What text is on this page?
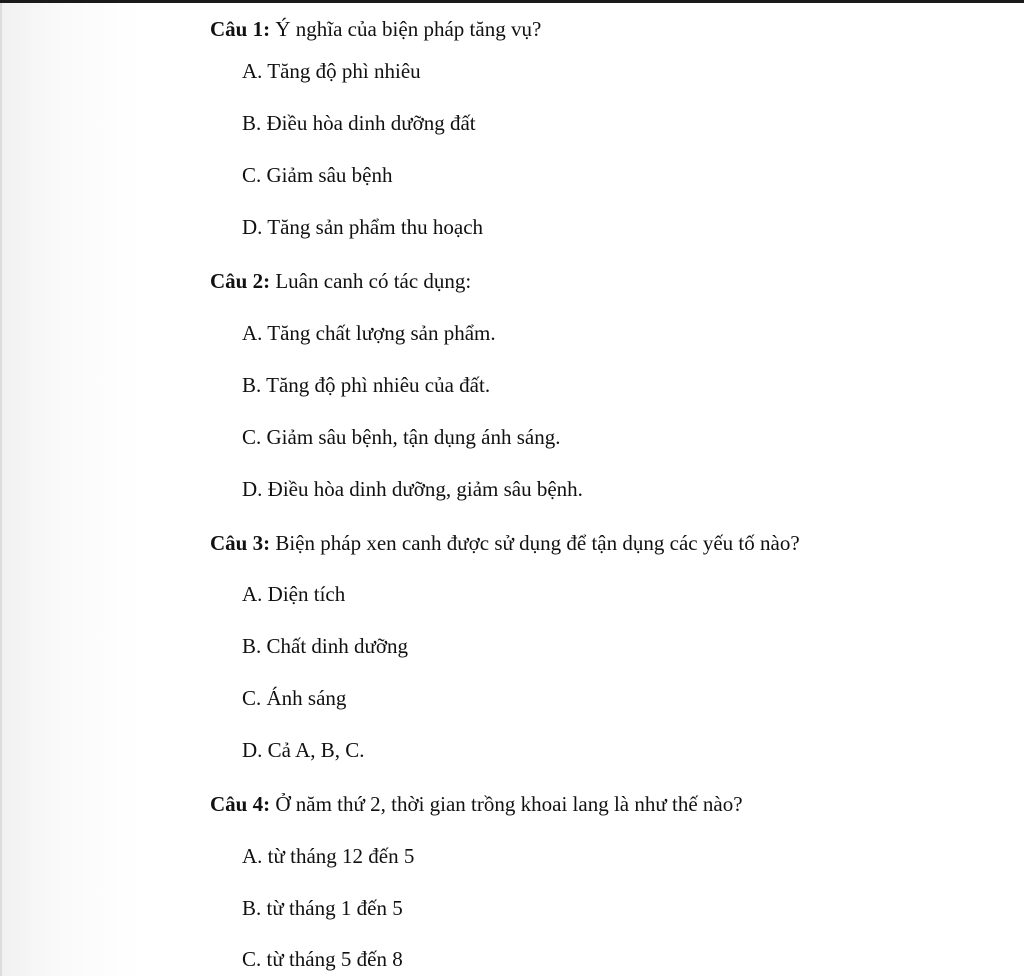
Câu 1: Ý nghĩa của biện pháp tăng vụ?
A. Tăng độ phì nhiêu
B. Điều hòa dinh dưỡng đất
C. Giảm sâu bệnh
D. Tăng sản phẩm thu hoạch
Câu 2: Luân canh có tác dụng:
A. Tăng chất lượng sản phẩm.
B. Tăng độ phì nhiêu của đất.
C. Giảm sâu bệnh, tận dụng ánh sáng.
D. Điều hòa dinh dưỡng, giảm sâu bệnh.
Câu 3: Biện pháp xen canh được sử dụng để tận dụng các yếu tố nào?
A. Diện tích
B. Chất dinh dưỡng
C. Ánh sáng
D. Cả A, B, C.
Câu 4: Ở năm thứ 2, thời gian trồng khoai lang là như thế nào?
A. từ tháng 12 đến 5
B. từ tháng 1 đến 5
C. từ tháng 5 đến 8
